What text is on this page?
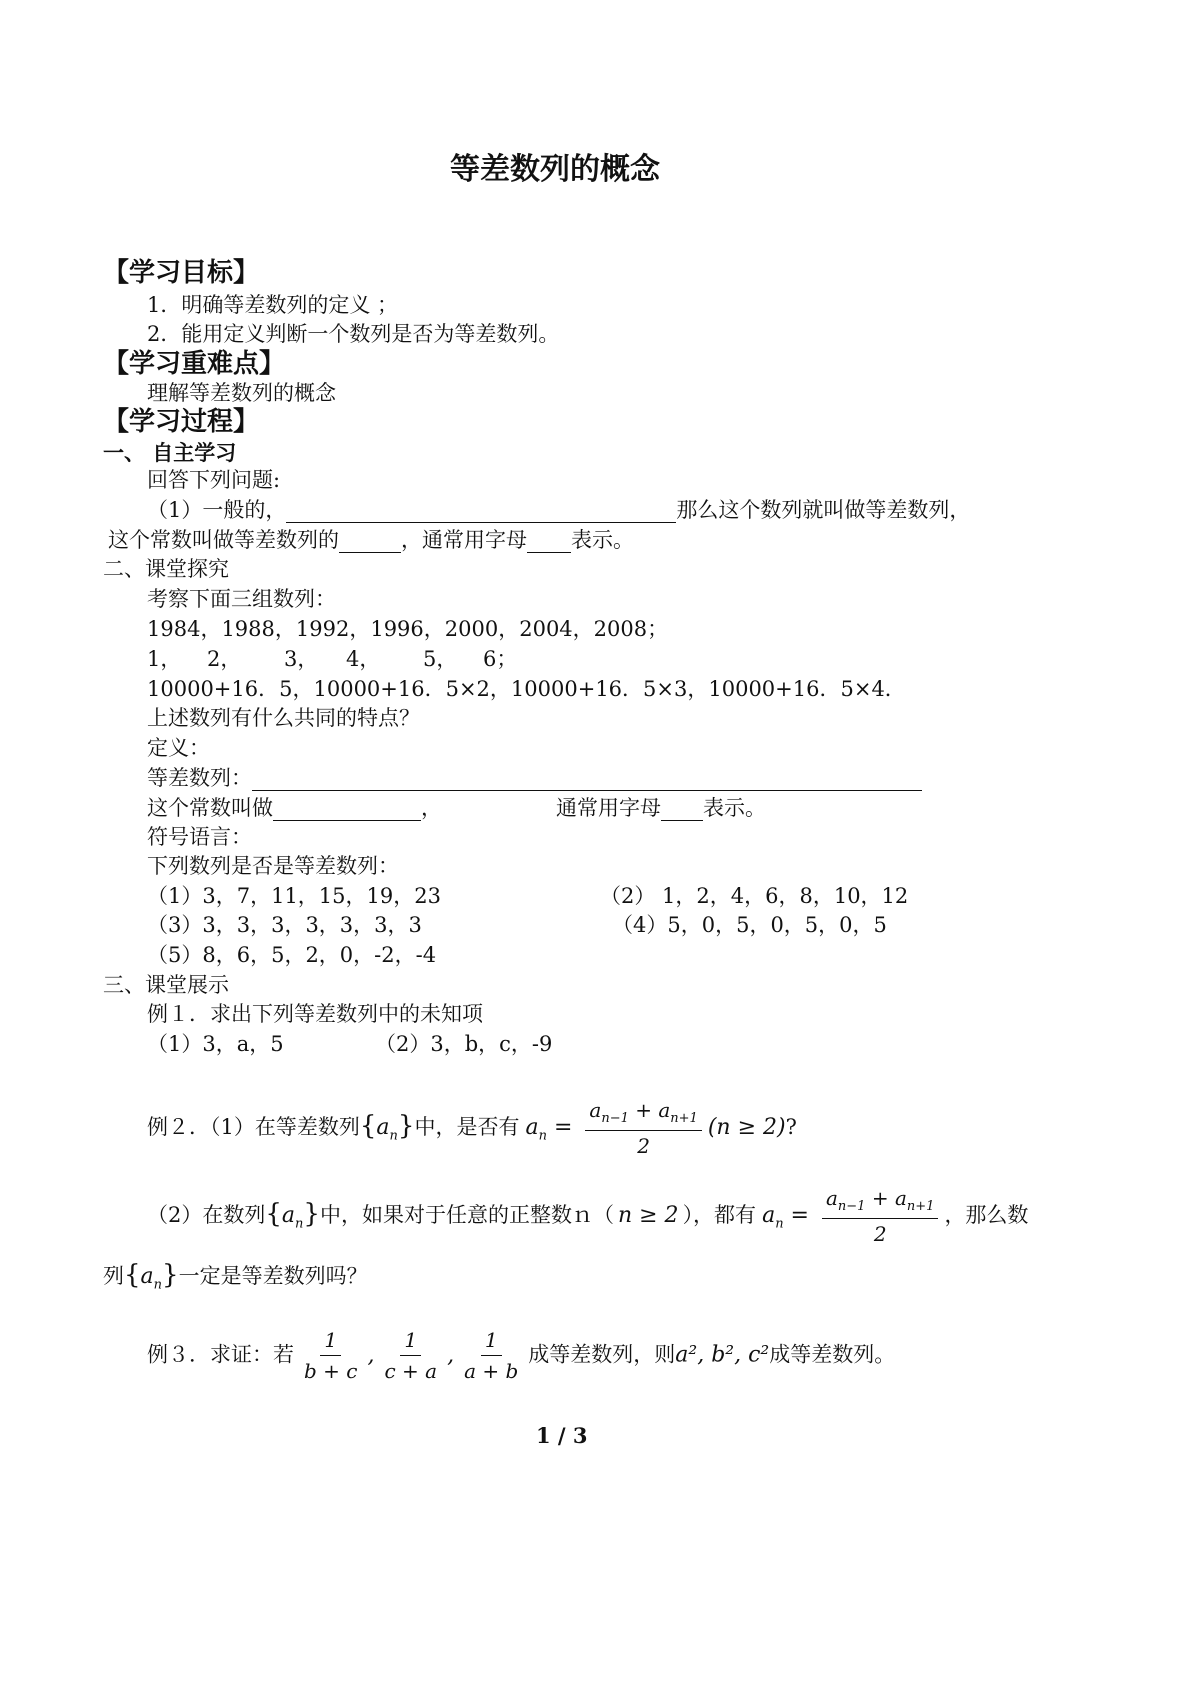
等差数列的概念
【学习目标】
1．明确等差数列的定义 ；
2．能用定义判断一个数列是否为等差数列。
【学习重难点】
理解等差数列的概念
【学习过程】
一、 自主学习
回答下列问题:
（1）一般的，	那么这个数列就叫做等差数列，
这个常数叫做等差数列的	，通常用字母 表示。
二、课堂探究
考察下面三组数列：
1984，1988，1992，1996，2000，2004，2008；
1， 2， 3， 4， 5， 6；
10000+16．5，10000+16．5×2，10000+16．5×3，10000+16．5×4．
上述数列有什么共同的特点？
定义：
等差数列：
这个常数叫做	，	通常用字母 表示。
符号语言：
下列数列是否是等差数列：
（1）3，7，11，15，19，23	（2） 1，2，4，6，8，10，12
（3）3，3，3，3，3，3，3	（4）5，0，5，0，5，0，5
（5）8，6，5，2，0，-2，-4
三、课堂展示
例１．求出下列等差数列中的未知项
（1）3，a，5	（2）3，b，c，-9
例２．（1）在等差数列$\{a_n\}$中，是否有 $a_n = \frac{a_{n-1} + a_{n+1}}{2} (n \ge 2)$?
（2）在数列$\{a_n\}$中，如果对于任意的正整数ｎ（ n ≥ 2 ），都有 $a_n = \frac{a_{n-1} + a_{n+1}}{2}$ ，那么数
列$\{a_n\}$一定是等差数列吗？
例３．求证：若 $\frac{1}{b + c}$ , $\frac{1}{c + a}$ , $\frac{1}{a + b}$ 成等差数列，则a², b², c²成等差数列。
1 / 3
